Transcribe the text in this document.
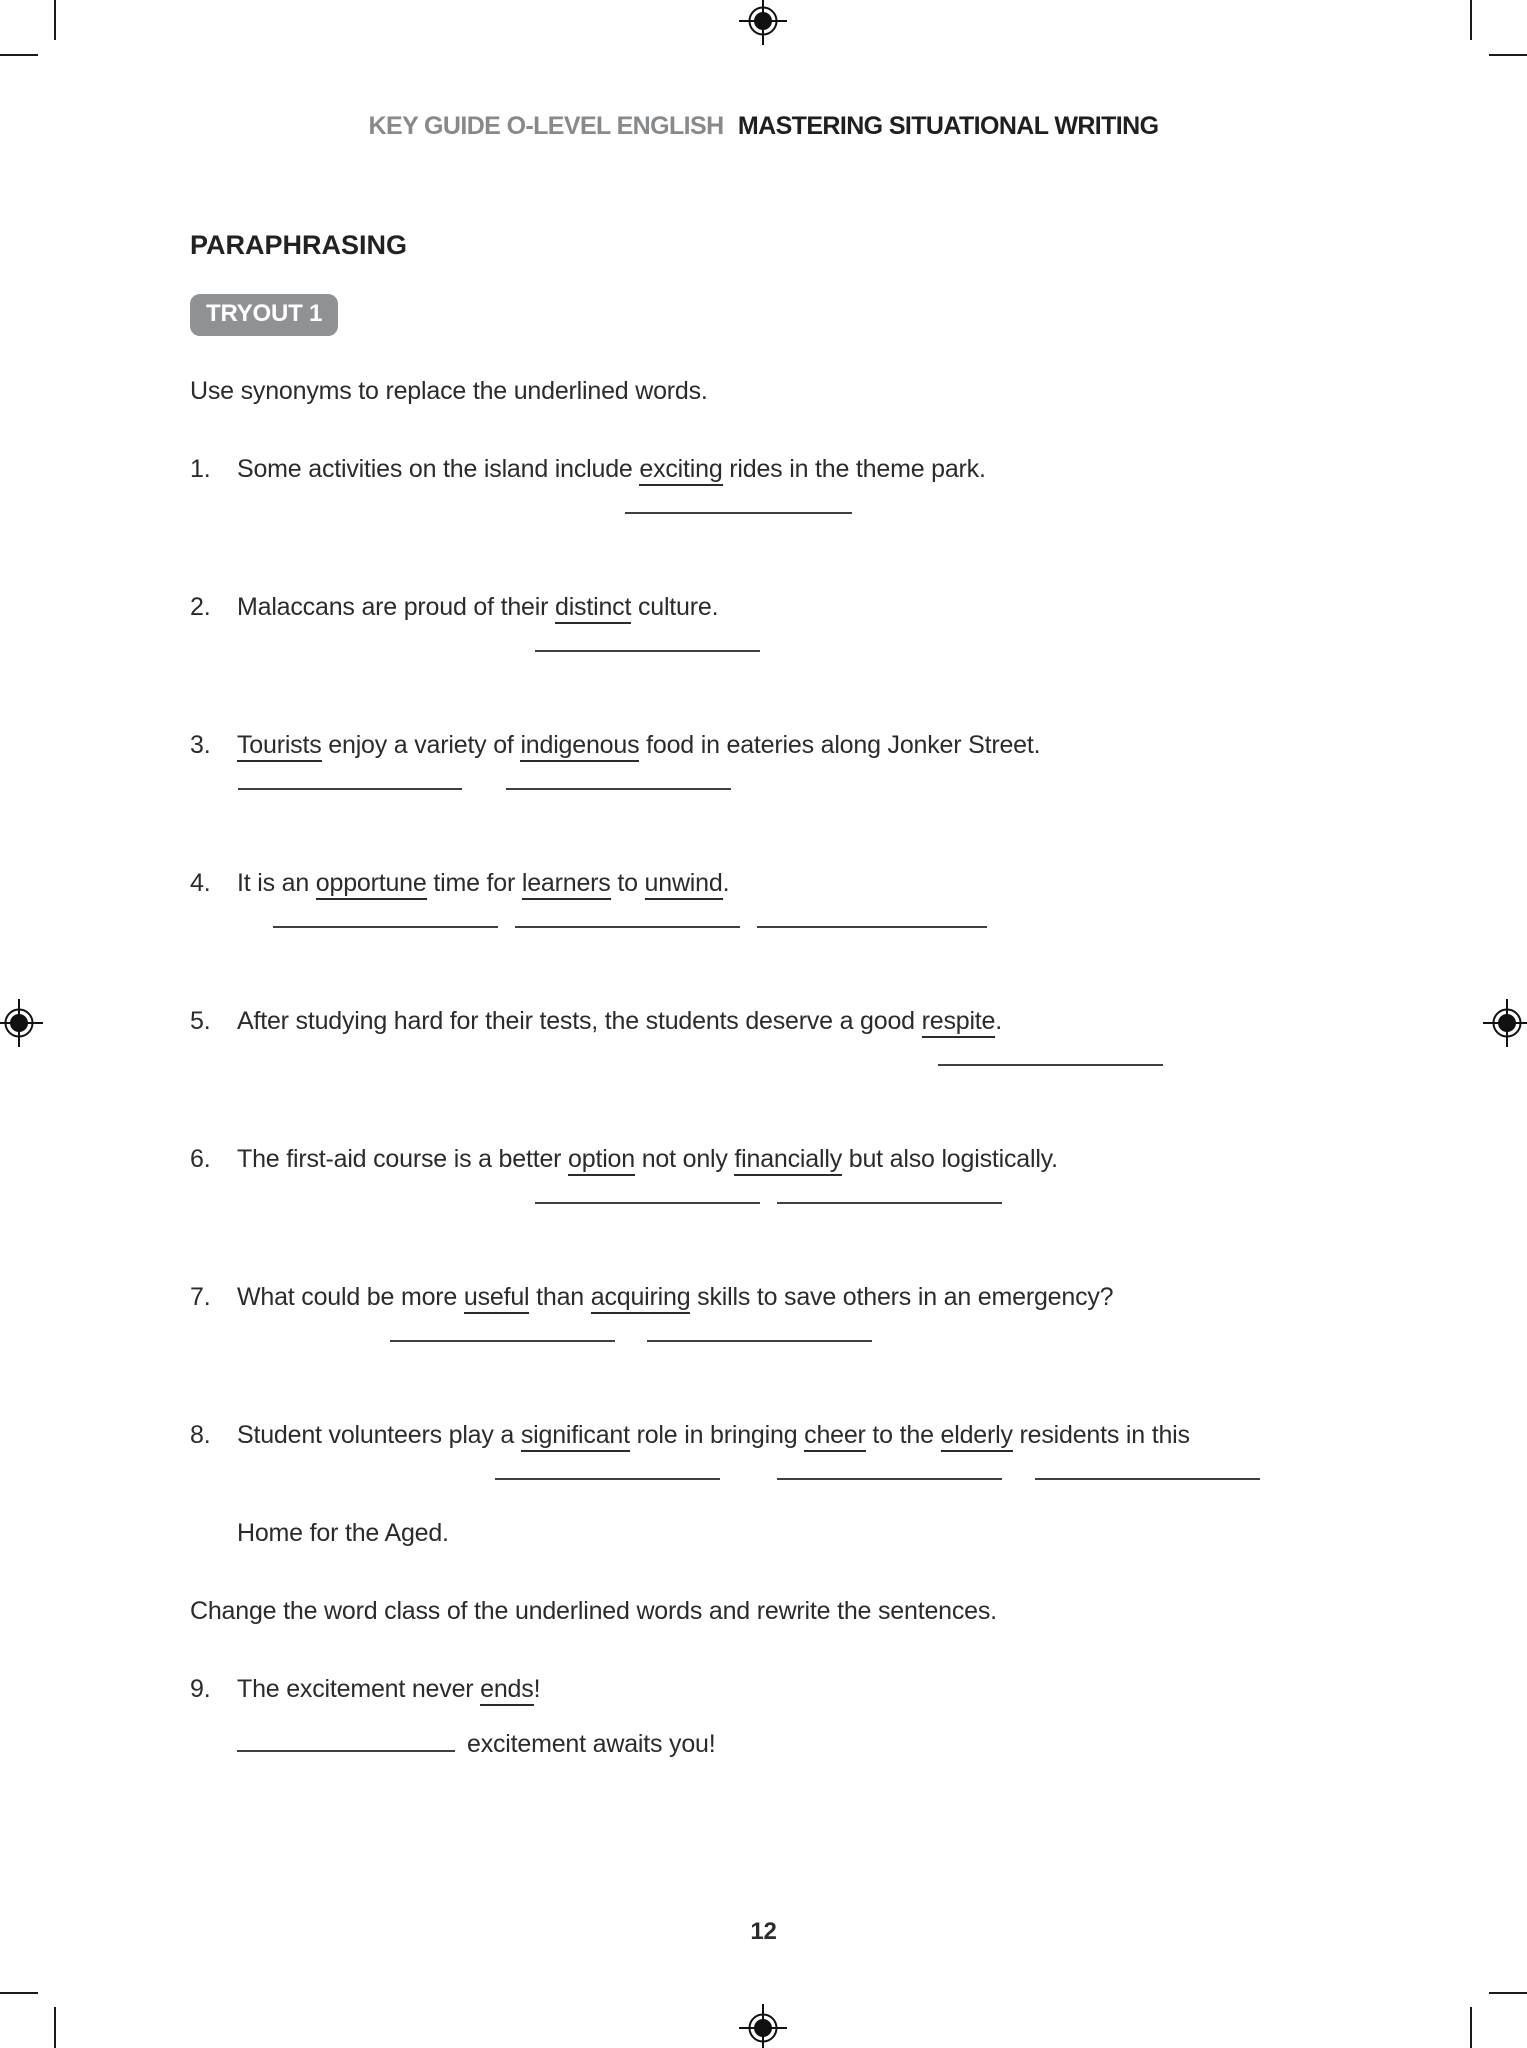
KEY GUIDE O-LEVEL ENGLISH MASTERING SITUATIONAL WRITING
PARAPHRASING
TRYOUT 1

Use synonyms to replace the underlined words.

1.	Some activities on the island include exciting rides in the theme park.
2.	Malaccans are proud of their distinct culture.
3.	Tourists enjoy a variety of indigenous food in eateries along Jonker Street.
4.	It is an opportune time for learners to unwind.
5.	After studying hard for their tests, the students deserve a good respite.
6.	The first-aid course is a better option not only financially but also logistically.
7.	What could be more useful than acquiring skills to save others in an emergency?
8.	Student volunteers play a significant role in bringing cheer to the elderly residents in this
Home for the Aged.

Change the word class of the underlined words and rewrite the sentences.

9.	The excitement never ends!
excitement awaits you!
12
